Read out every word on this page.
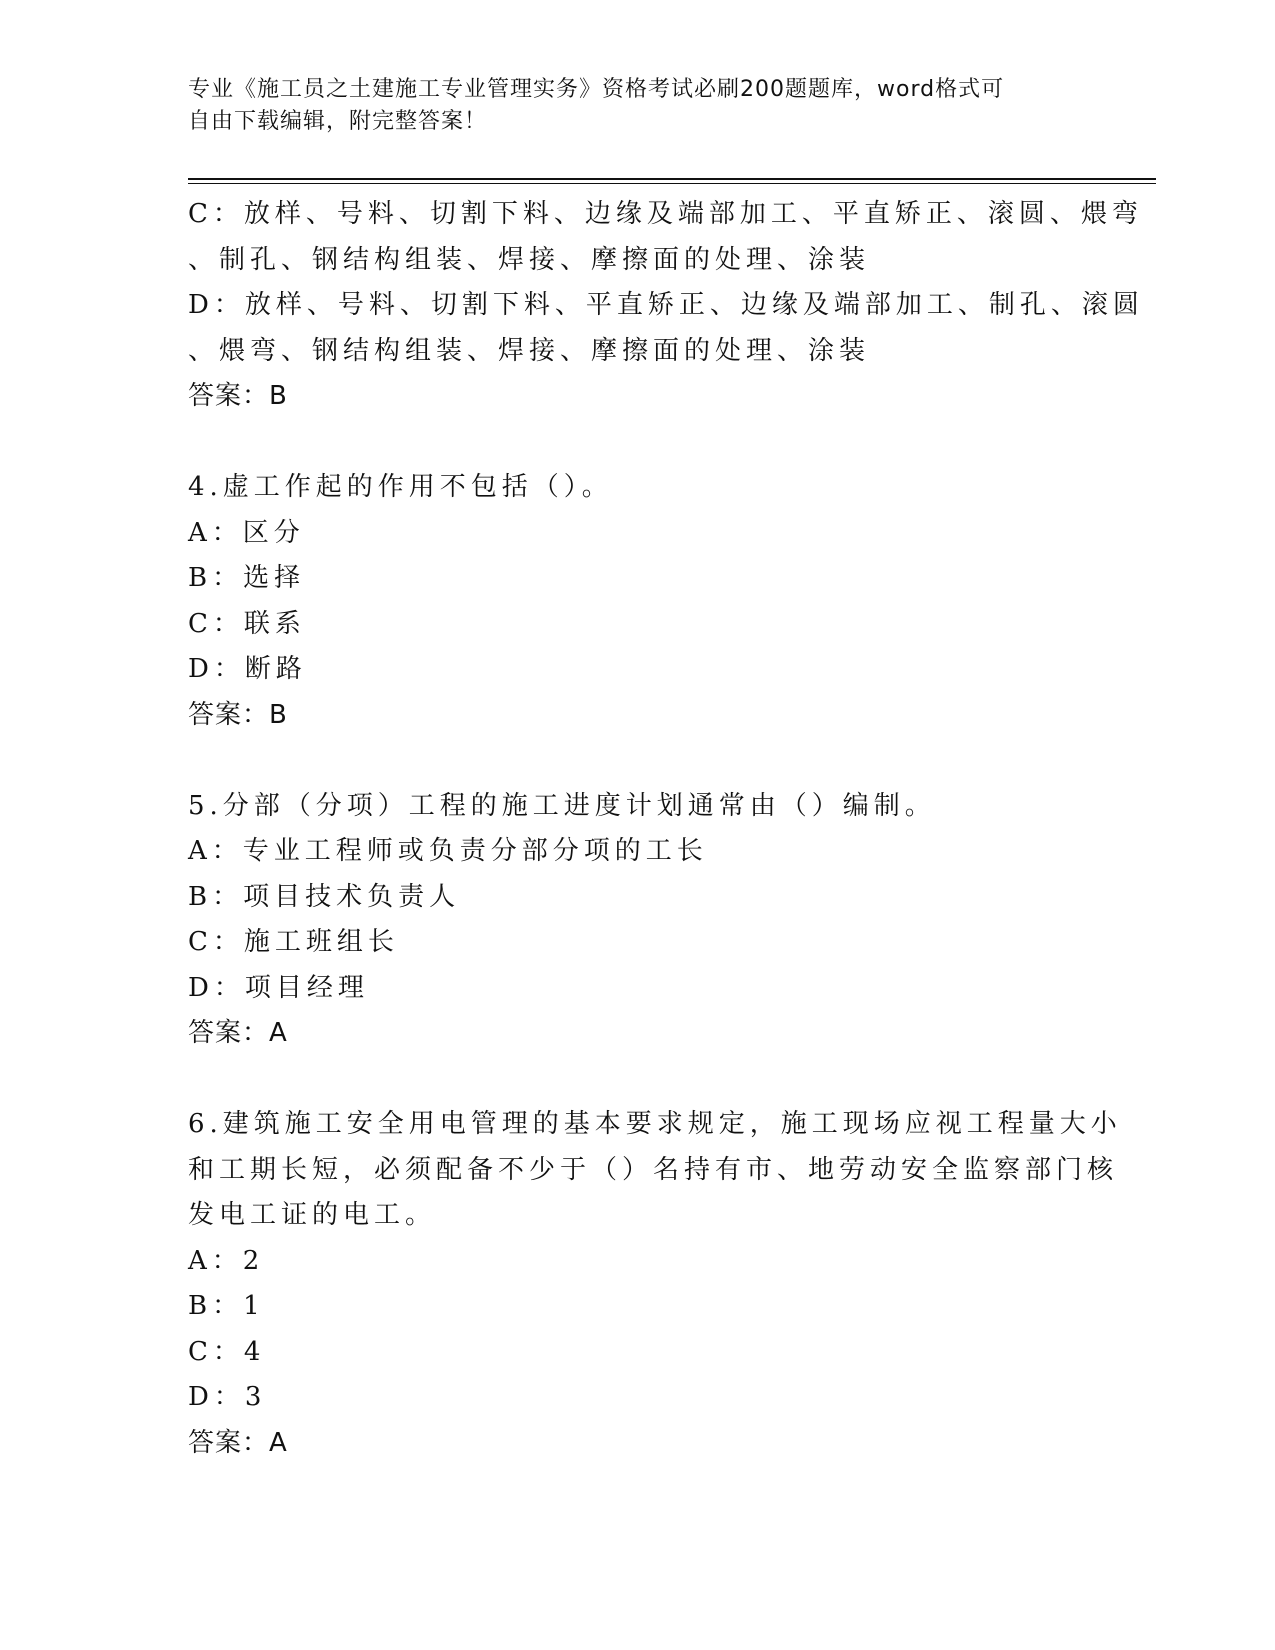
专业《施工员之土建施工专业管理实务》资格考试必刷200题题库，word格式可
自由下载编辑，附完整答案！
C：放样、号料、切割下料、边缘及端部加工、平直矫正、滚圆、煨弯
、制孔、钢结构组装、焊接、摩擦面的处理、涂装
D：放样、号料、切割下料、平直矫正、边缘及端部加工、制孔、滚圆
、煨弯、钢结构组装、焊接、摩擦面的处理、涂装
答案：B
4.虚工作起的作用不包括（）。
A：区分
B：选择
C：联系
D：断路
答案：B
5.分部（分项）工程的施工进度计划通常由（）编制。
A：专业工程师或负责分部分项的工长
B：项目技术负责人
C：施工班组长
D：项目经理
答案：A
6.建筑施工安全用电管理的基本要求规定，施工现场应视工程量大小
和工期长短，必须配备不少于（）名持有市、地劳动安全监察部门核
发电工证的电工。
A：2
B：1
C：4
D：3
答案：A
